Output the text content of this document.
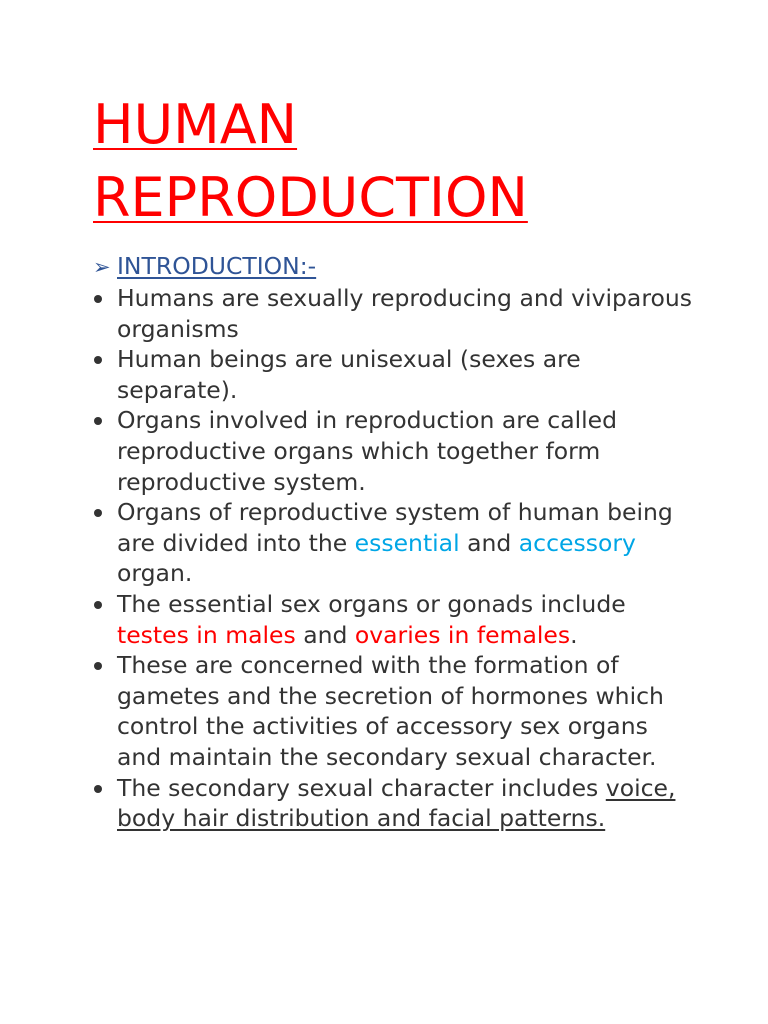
HUMAN
REPRODUCTION
➢ INTRODUCTION:-
Humans are sexually reproducing and viviparous organisms
Human beings are unisexual (sexes are separate).
Organs involved in reproduction are called reproductive organs which together form reproductive system.
Organs of reproductive system of human being are divided into the essential and accessory organ.
The essential sex organs or gonads include testes in males and ovaries in females.
These are concerned with the formation of gametes and the secretion of hormones which control the activities of accessory sex organs and maintain the secondary sexual character.
The secondary sexual character includes voice, body hair distribution and facial patterns.
